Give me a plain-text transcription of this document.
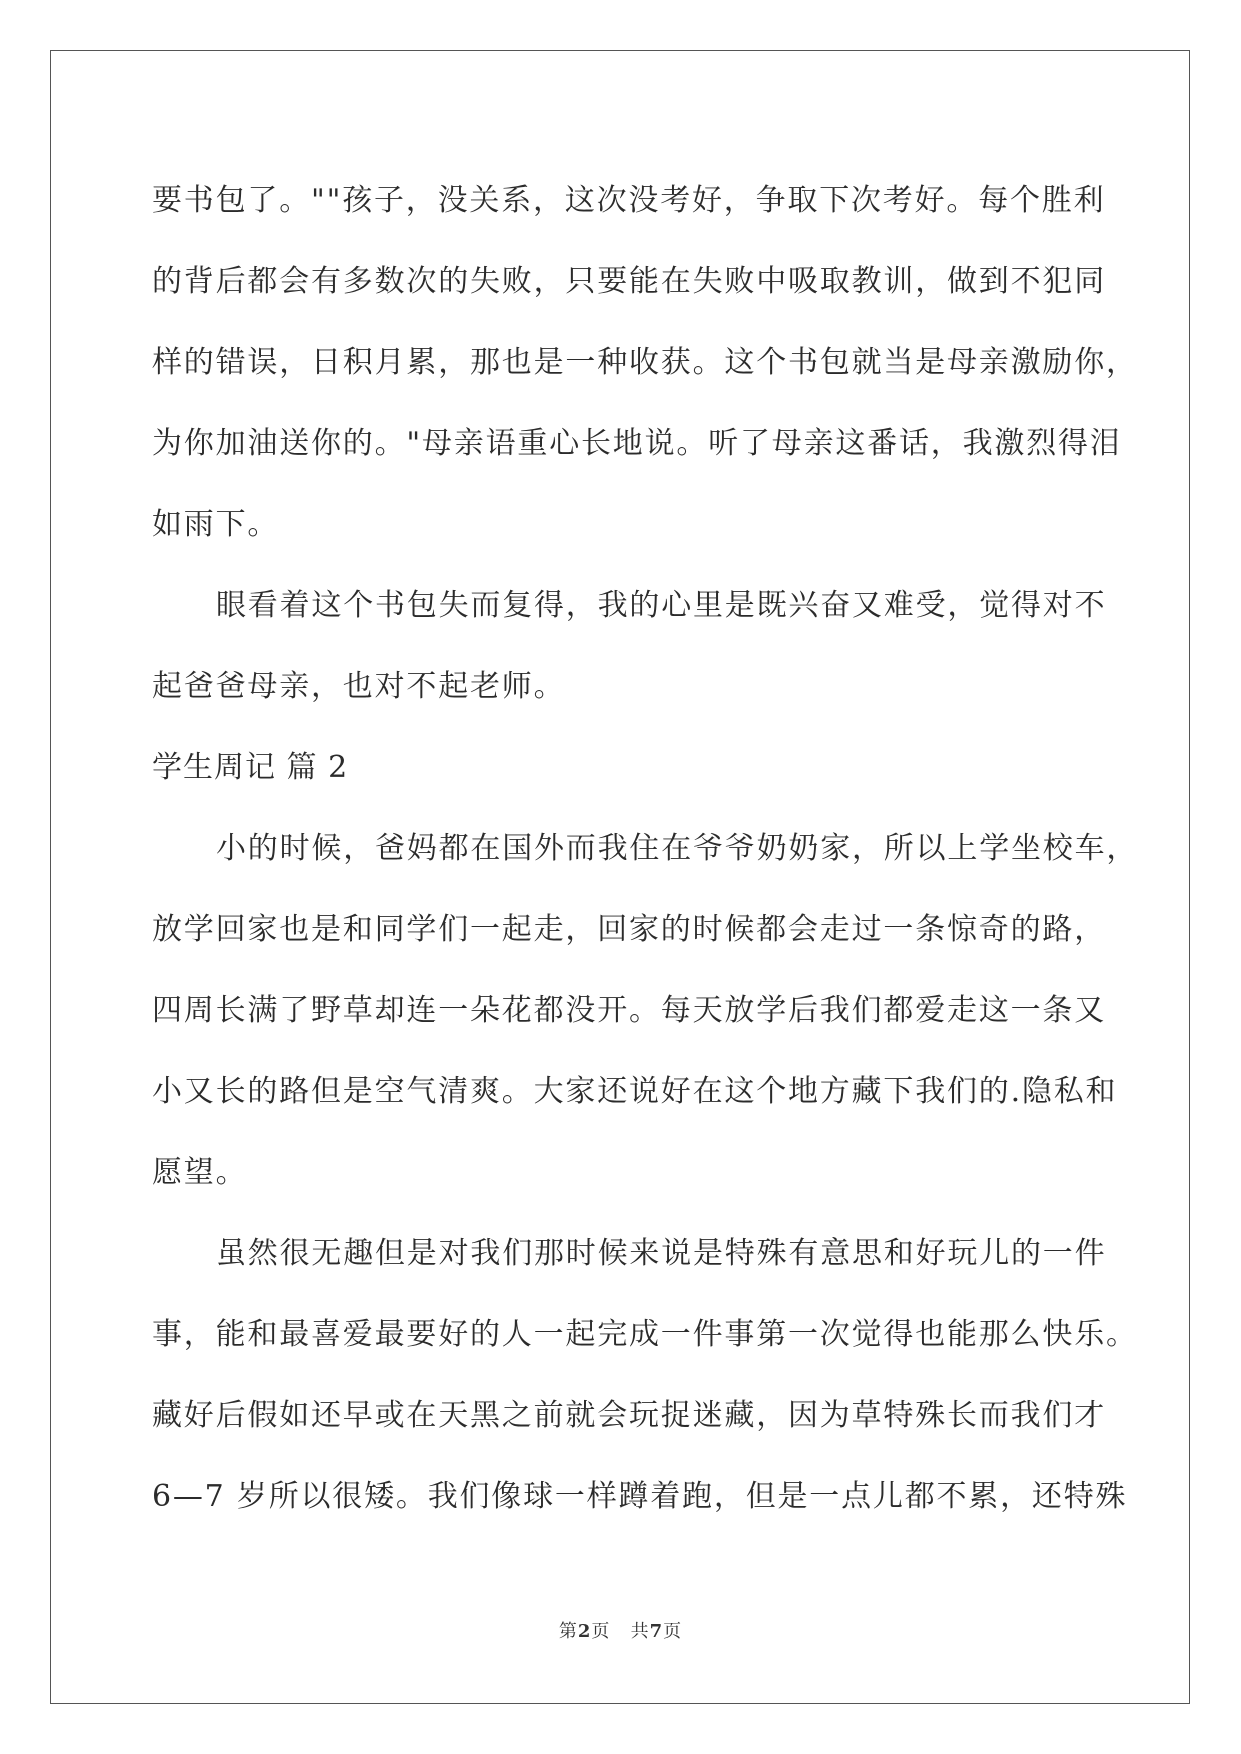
要书包了。""孩子，没关系，这次没考好，争取下次考好。每个胜利
的背后都会有多数次的失败，只要能在失败中吸取教训，做到不犯同
样的错误，日积月累，那也是一种收获。这个书包就当是母亲激励你，
为你加油送你的。"母亲语重心长地说。听了母亲这番话，我激烈得泪
如雨下。
眼看着这个书包失而复得，我的心里是既兴奋又难受，觉得对不
起爸爸母亲，也对不起老师。
学生周记 篇 2
小的时候，爸妈都在国外而我住在爷爷奶奶家，所以上学坐校车，
放学回家也是和同学们一起走，回家的时候都会走过一条惊奇的路，
四周长满了野草却连一朵花都没开。每天放学后我们都爱走这一条又
小又长的路但是空气清爽。大家还说好在这个地方藏下我们的.隐私和
愿望。
虽然很无趣但是对我们那时候来说是特殊有意思和好玩儿的一件
事，能和最喜爱最要好的人一起完成一件事第一次觉得也能那么快乐。
藏好后假如还早或在天黑之前就会玩捉迷藏，因为草特殊长而我们才
6—7 岁所以很矮。我们像球一样蹲着跑，但是一点儿都不累，还特殊
第2页 共7页
